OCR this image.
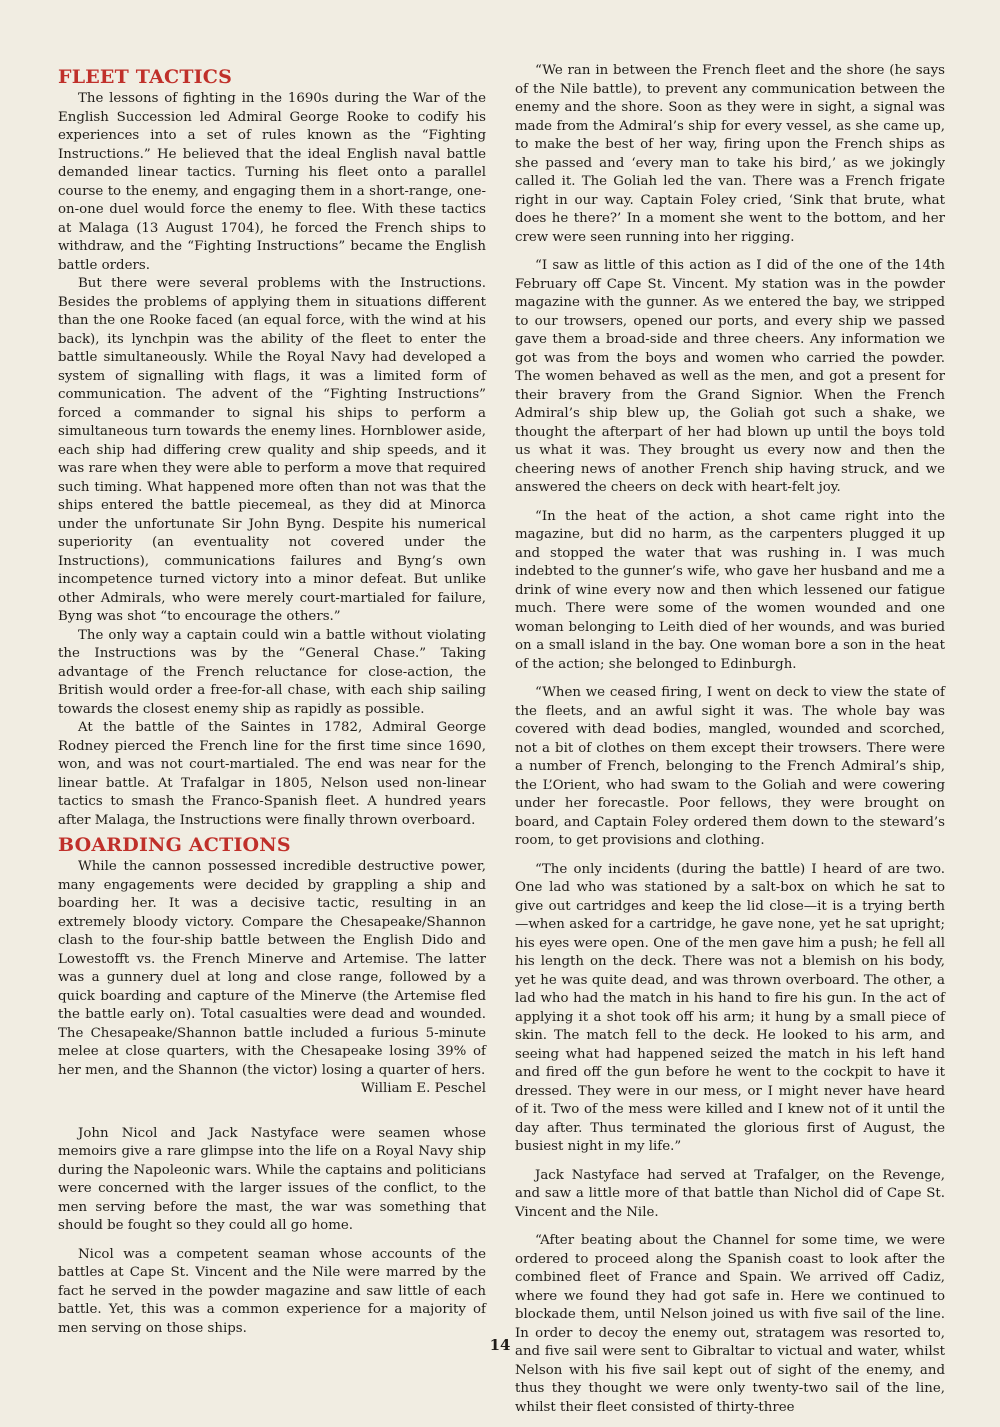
FLEET TACTICS

The lessons of fighting in the 1690s during the War of the English Succession led Admiral George Rooke to codify his experiences into a set of rules known as the “Fighting Instructions.” He believed that the ideal English naval battle demanded linear tactics. Turning his fleet onto a parallel course to the enemy, and engaging them in a short-range, one-on-one duel would force the enemy to flee. With these tactics at Malaga (13 August 1704), he forced the French ships to withdraw, and the “Fighting Instructions” became the English battle orders.

But there were several problems with the Instructions. Besides the problems of applying them in situations different than the one Rooke faced (an equal force, with the wind at his back), its lynchpin was the ability of the fleet to enter the battle simultaneously. While the Royal Navy had developed a system of signalling with flags, it was a limited form of communication. The advent of the “Fighting Instructions” forced a commander to signal his ships to perform a simultaneous turn towards the enemy lines. Hornblower aside, each ship had differing crew quality and ship speeds, and it was rare when they were able to perform a move that required such timing. What happened more often than not was that the ships entered the battle piecemeal, as they did at Minorca under the unfortunate Sir John Byng. Despite his numerical superiority (an eventuality not covered under the Instructions), communications failures and Byng’s own incompetence turned victory into a minor defeat. But unlike other Admirals, who were merely court-martialed for failure, Byng was shot “to encourage the others.”

The only way a captain could win a battle without violating the Instructions was by the “General Chase.” Taking advantage of the French reluctance for close-action, the British would order a free-for-all chase, with each ship sailing towards the closest enemy ship as rapidly as possible.

At the battle of the Saintes in 1782, Admiral George Rodney pierced the French line for the first time since 1690, won, and was not court-martialed. The end was near for the linear battle. At Trafalgar in 1805, Nelson used non-linear tactics to smash the Franco-Spanish fleet. A hundred years after Malaga, the Instructions were finally thrown overboard.

BOARDING ACTIONS

While the cannon possessed incredible destructive power, many engagements were decided by grappling a ship and boarding her. It was a decisive tactic, resulting in an extremely bloody victory. Compare the Chesapeake/Shannon clash to the four-ship battle between the English Dido and Lowestofft vs. the French Minerve and Artemise. The latter was a gunnery duel at long and close range, followed by a quick boarding and capture of the Minerve (the Artemise fled the battle early on). Total casualties were dead and wounded. The Chesapeake/Shannon battle included a furious 5-minute melee at close quarters, with the Chesapeake losing 39% of her men, and the Shannon (the victor) losing a quarter of hers.

William E. Peschel

John Nicol and Jack Nastyface were seamen whose memoirs give a rare glimpse into the life on a Royal Navy ship during the Napoleonic wars. While the captains and politicians were concerned with the larger issues of the conflict, to the men serving before the mast, the war was something that should be fought so they could all go home.

Nicol was a competent seaman whose accounts of the battles at Cape St. Vincent and the Nile were marred by the fact he served in the powder magazine and saw little of each battle. Yet, this was a common experience for a majority of men serving on those ships.

“We ran in between the French fleet and the shore (he says of the Nile battle), to prevent any communication between the enemy and the shore. Soon as they were in sight, a signal was made from the Admiral’s ship for every vessel, as she came up, to make the best of her way, firing upon the French ships as she passed and ‘every man to take his bird,’ as we jokingly called it. The Goliah led the van. There was a French frigate right in our way. Captain Foley cried, ‘Sink that brute, what does he there?’ In a moment she went to the bottom, and her crew were seen running into her rigging.

“I saw as little of this action as I did of the one of the 14th February off Cape St. Vincent. My station was in the powder magazine with the gunner. As we entered the bay, we stripped to our trowsers, opened our ports, and every ship we passed gave them a broad-side and three cheers. Any information we got was from the boys and women who carried the powder. The women behaved as well as the men, and got a present for their bravery from the Grand Signior. When the French Admiral’s ship blew up, the Goliah got such a shake, we thought the afterpart of her had blown up until the boys told us what it was. They brought us every now and then the cheering news of another French ship having struck, and we answered the cheers on deck with heart-felt joy.

“In the heat of the action, a shot came right into the magazine, but did no harm, as the carpenters plugged it up and stopped the water that was rushing in. I was much indebted to the gunner’s wife, who gave her husband and me a drink of wine every now and then which lessened our fatigue much. There were some of the women wounded and one woman belonging to Leith died of her wounds, and was buried on a small island in the bay. One woman bore a son in the heat of the action; she belonged to Edinburgh.

“When we ceased firing, I went on deck to view the state of the fleets, and an awful sight it was. The whole bay was covered with dead bodies, mangled, wounded and scorched, not a bit of clothes on them except their trowsers. There were a number of French, belonging to the French Admiral’s ship, the L’Orient, who had swam to the Goliah and were cowering under her forecastle. Poor fellows, they were brought on board, and Captain Foley ordered them down to the steward’s room, to get provisions and clothing.

“The only incidents (during the battle) I heard of are two. One lad who was stationed by a salt-box on which he sat to give out cartridges and keep the lid close—it is a trying berth—when asked for a cartridge, he gave none, yet he sat upright; his eyes were open. One of the men gave him a push; he fell all his length on the deck. There was not a blemish on his body, yet he was quite dead, and was thrown overboard. The other, a lad who had the match in his hand to fire his gun. In the act of applying it a shot took off his arm; it hung by a small piece of skin. The match fell to the deck. He looked to his arm, and seeing what had happened seized the match in his left hand and fired off the gun before he went to the cockpit to have it dressed. They were in our mess, or I might never have heard of it. Two of the mess were killed and I knew not of it until the day after. Thus terminated the glorious first of August, the busiest night in my life.”

Jack Nastyface had served at Trafalger, on the Revenge, and saw a little more of that battle than Nichol did of Cape St. Vincent and the Nile.

“After beating about the Channel for some time, we were ordered to proceed along the Spanish coast to look after the combined fleet of France and Spain. We arrived off Cadiz, where we found they had got safe in. Here we continued to blockade them, until Nelson joined us with five sail of the line. In order to decoy the enemy out, stratagem was resorted to, and five sail were sent to Gibraltar to victual and water, whilst Nelson with his five sail kept out of sight of the enemy, and thus they thought we were only twenty-two sail of the line, whilst their fleet consisted of thirty-three

14
